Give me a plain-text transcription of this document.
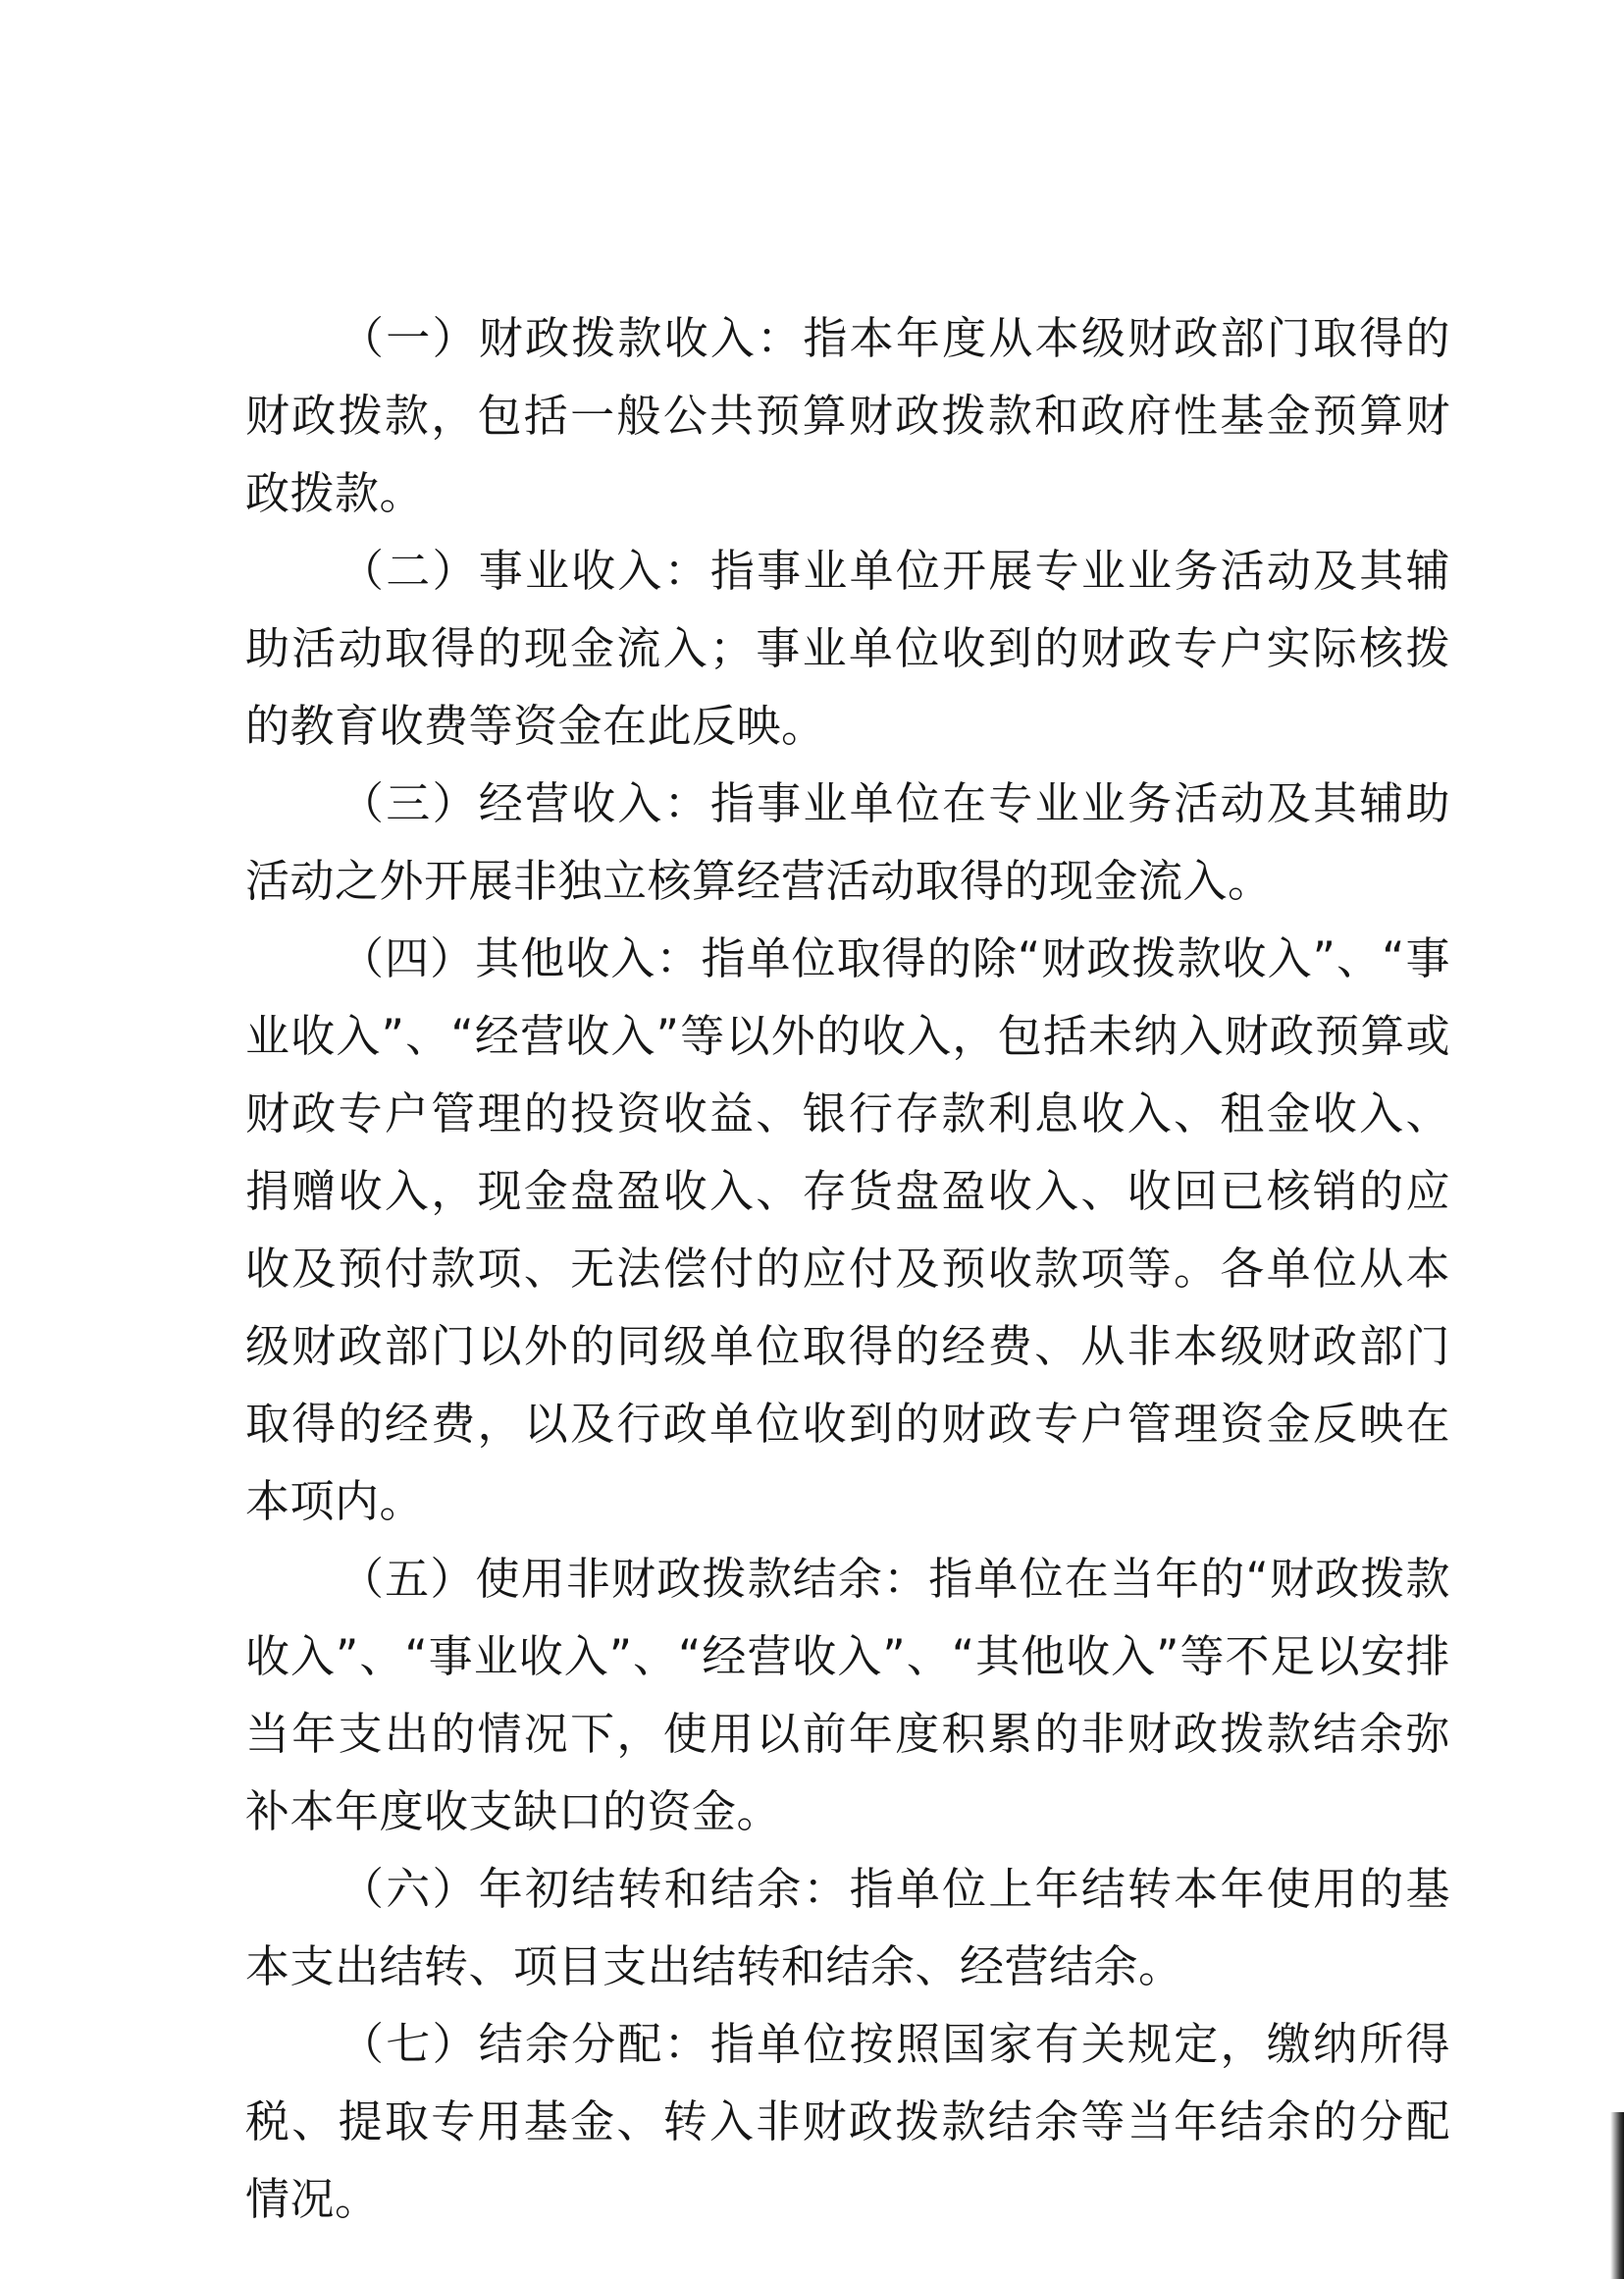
（一）财政拨款收入：指本年度从本级财政部门取得的财政拨款，包括一般公共预算财政拨款和政府性基金预算财政拨款。

（二）事业收入：指事业单位开展专业业务活动及其辅助活动取得的现金流入；事业单位收到的财政专户实际核拨的教育收费等资金在此反映。

（三）经营收入：指事业单位在专业业务活动及其辅助活动之外开展非独立核算经营活动取得的现金流入。

（四）其他收入：指单位取得的除“财政拨款收入”、“事业收入”、“经营收入”等以外的收入，包括未纳入财政预算或财政专户管理的投资收益、银行存款利息收入、租金收入、捐赠收入，现金盘盈收入、存货盘盈收入、收回已核销的应收及预付款项、无法偿付的应付及预收款项等。各单位从本级财政部门以外的同级单位取得的经费、从非本级财政部门取得的经费，以及行政单位收到的财政专户管理资金反映在本项内。

（五）使用非财政拨款结余：指单位在当年的“财政拨款收入”、“事业收入”、“经营收入”、“其他收入”等不足以安排当年支出的情况下，使用以前年度积累的非财政拨款结余弥补本年度收支缺口的资金。

（六）年初结转和结余：指单位上年结转本年使用的基本支出结转、项目支出结转和结余、经营结余。

（七）结余分配：指单位按照国家有关规定，缴纳所得税、提取专用基金、转入非财政拨款结余等当年结余的分配情况。
